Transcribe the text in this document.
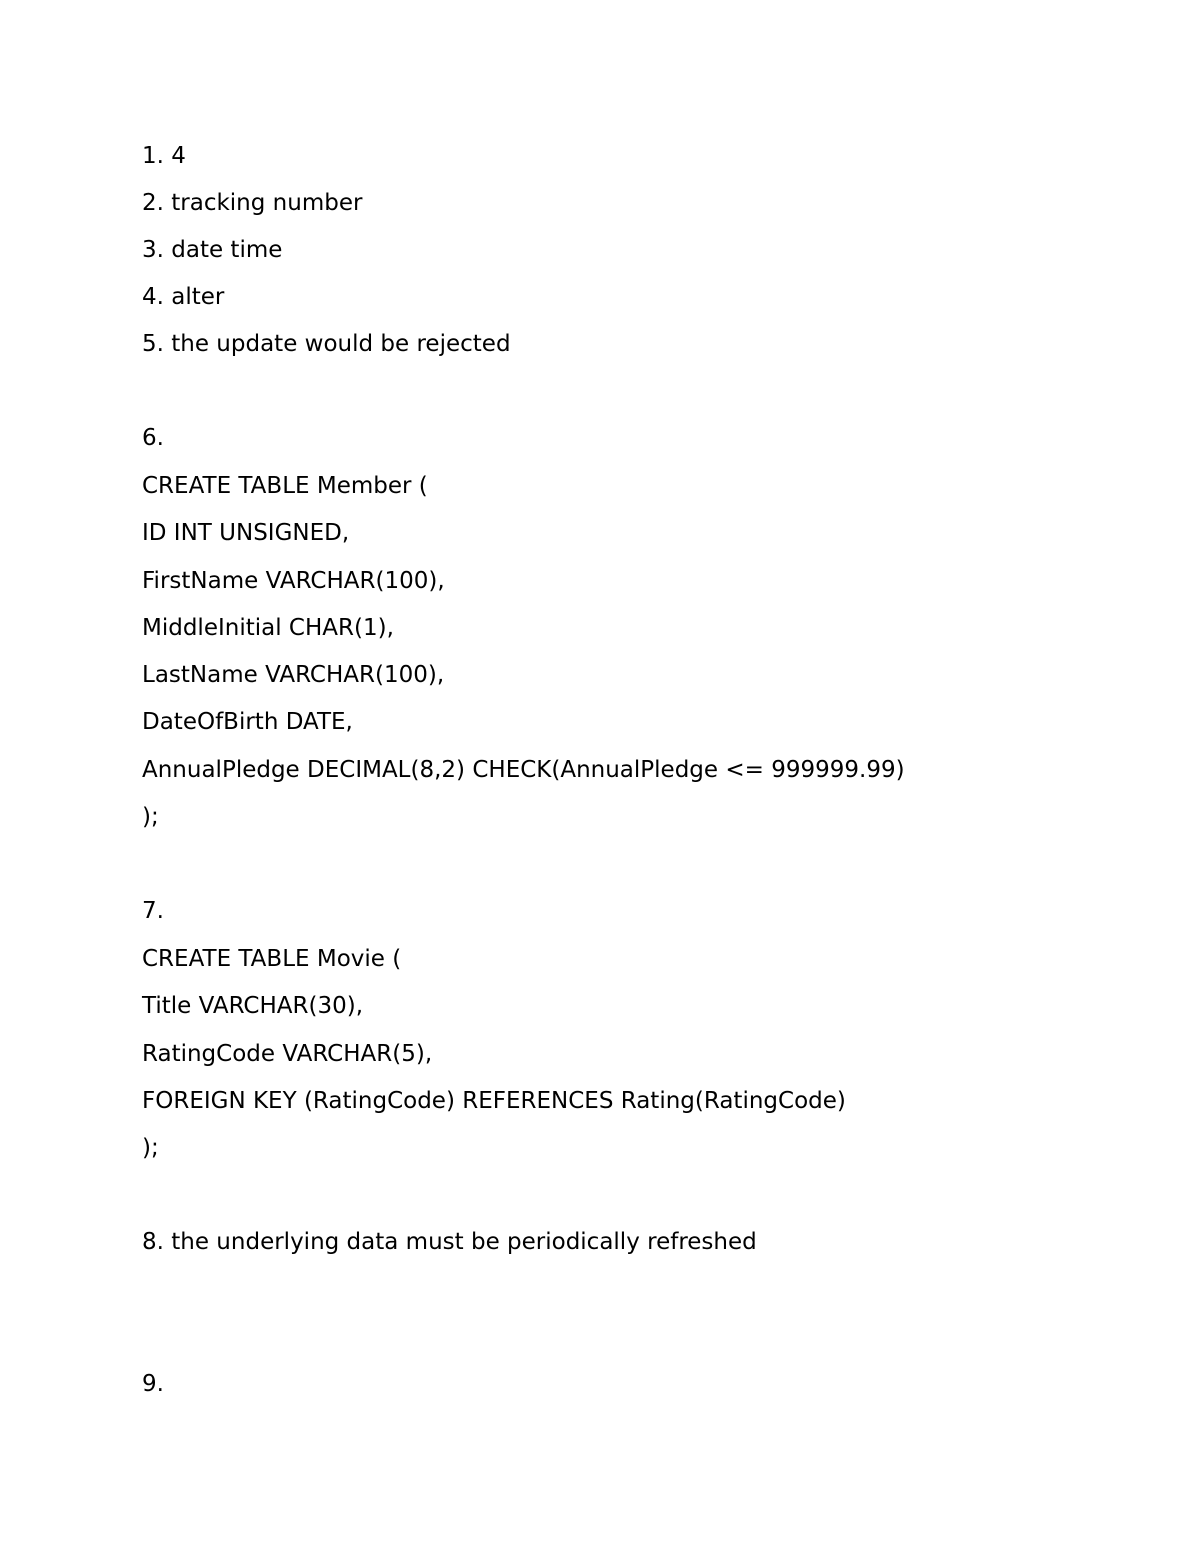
1. 4

2. tracking number

3. date time

4. alter

5. the update would be rejected

6.

CREATE TABLE Member (

ID INT UNSIGNED,

FirstName VARCHAR(100),

MiddleInitial CHAR(1),

LastName VARCHAR(100),

DateOfBirth DATE,

AnnualPledge DECIMAL(8,2) CHECK(AnnualPledge <= 999999.99)

);

7.

CREATE TABLE Movie (

Title VARCHAR(30),

RatingCode VARCHAR(5),

FOREIGN KEY (RatingCode) REFERENCES Rating(RatingCode)

);

8. the underlying data must be periodically refreshed

9.
